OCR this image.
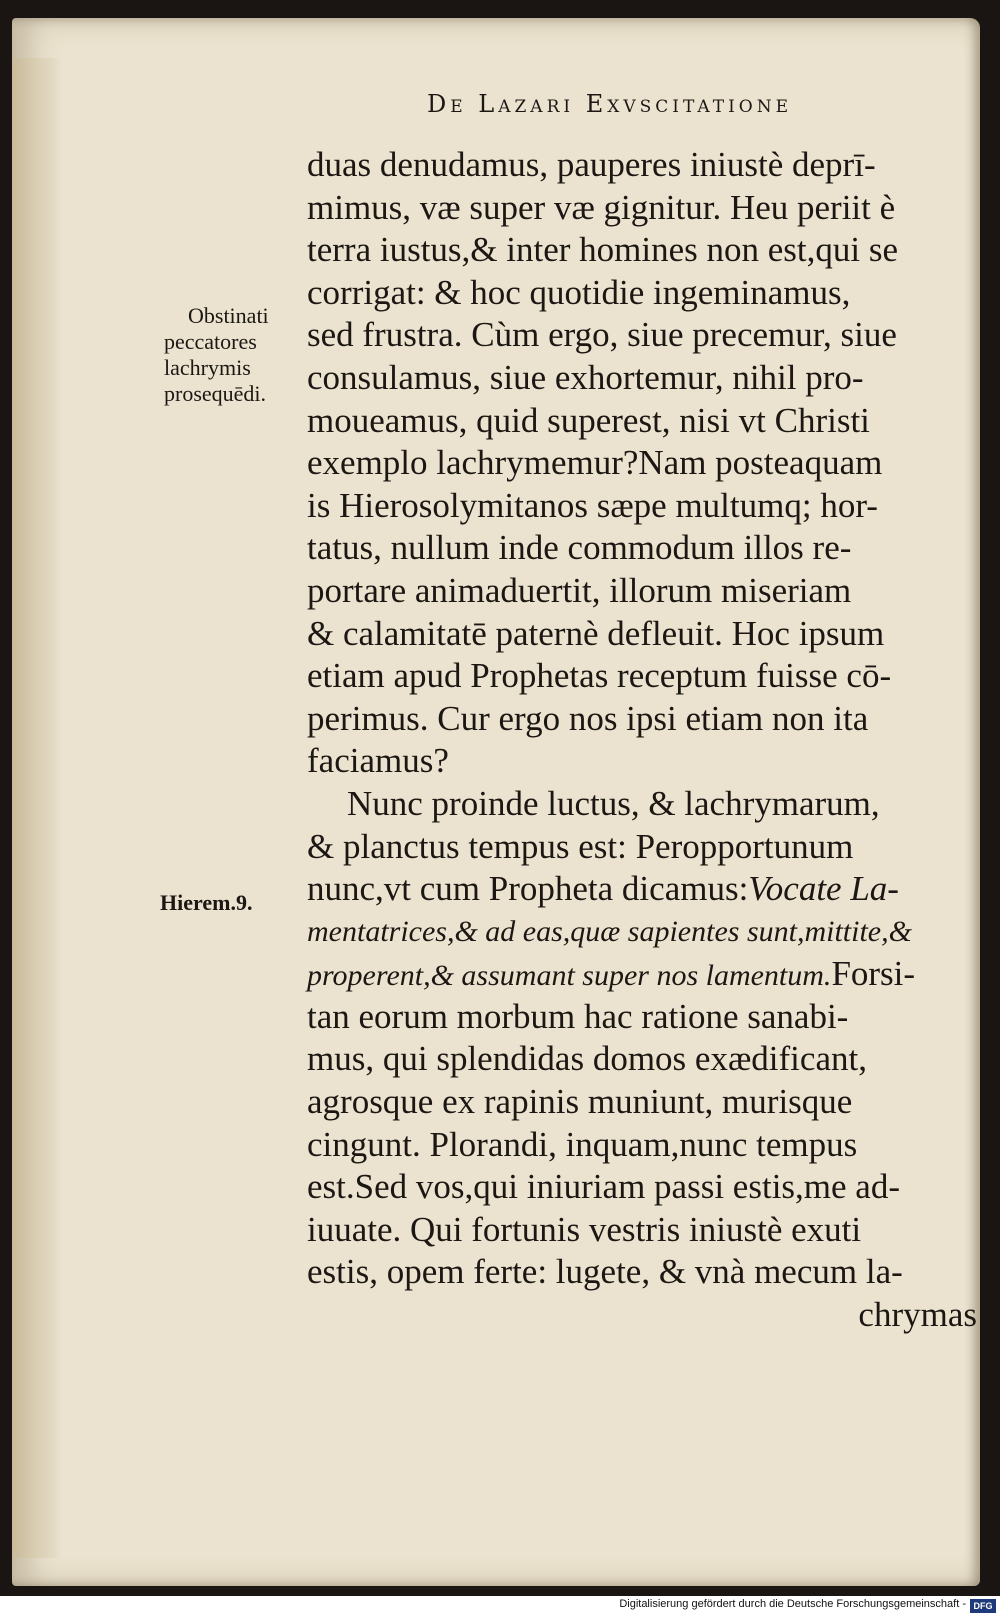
De Lazari Exvscitatione
Obstinati
peccatores
lachrymis
prosequēdi.
Hierem.9.
duas denudamus, pauperes iniustè deprī-
mimus, væ super væ gignitur. Heu periit è
terra iustus,& inter homines non est,qui se
corrigat: & hoc quotidie ingeminamus,
sed frustra. Cùm ergo, siue precemur, siue
consulamus, siue exhortemur, nihil pro-
moueamus, quid superest, nisi vt Christi
exemplo lachrymemur?Nam posteaquam
is Hierosolymitanos sæpe multumq; hor-
tatus, nullum inde commodum illos re-
portare animaduertit, illorum miseriam
& calamitatē paternè defleuit. Hoc ipsum
etiam apud Prophetas receptum fuisse cō-
perimus. Cur ergo nos ipsi etiam non ita
faciamus?
Nunc proinde luctus, & lachrymarum,
& planctus tempus est: Peropportunum
nunc,vt cum Propheta dicamus:Vocate La-
mentatrices,& ad eas,quæ sapientes sunt,mittite,&
properent,& assumant super nos lamentum.Forsi-
tan eorum morbum hac ratione sanabi-
mus, qui splendidas domos exædificant,
agrosque ex rapinis muniunt, murisque
cingunt. Plorandi, inquam,nunc tempus
est.Sed vos,qui iniuriam passi estis,me ad-
iuuate. Qui fortunis vestris iniustè exuti
estis, opem ferte: lugete, & vnà mecum la-
chrymas
Digitalisierung gefördert durch die Deutsche Forschungsgemeinschaft - DFG
